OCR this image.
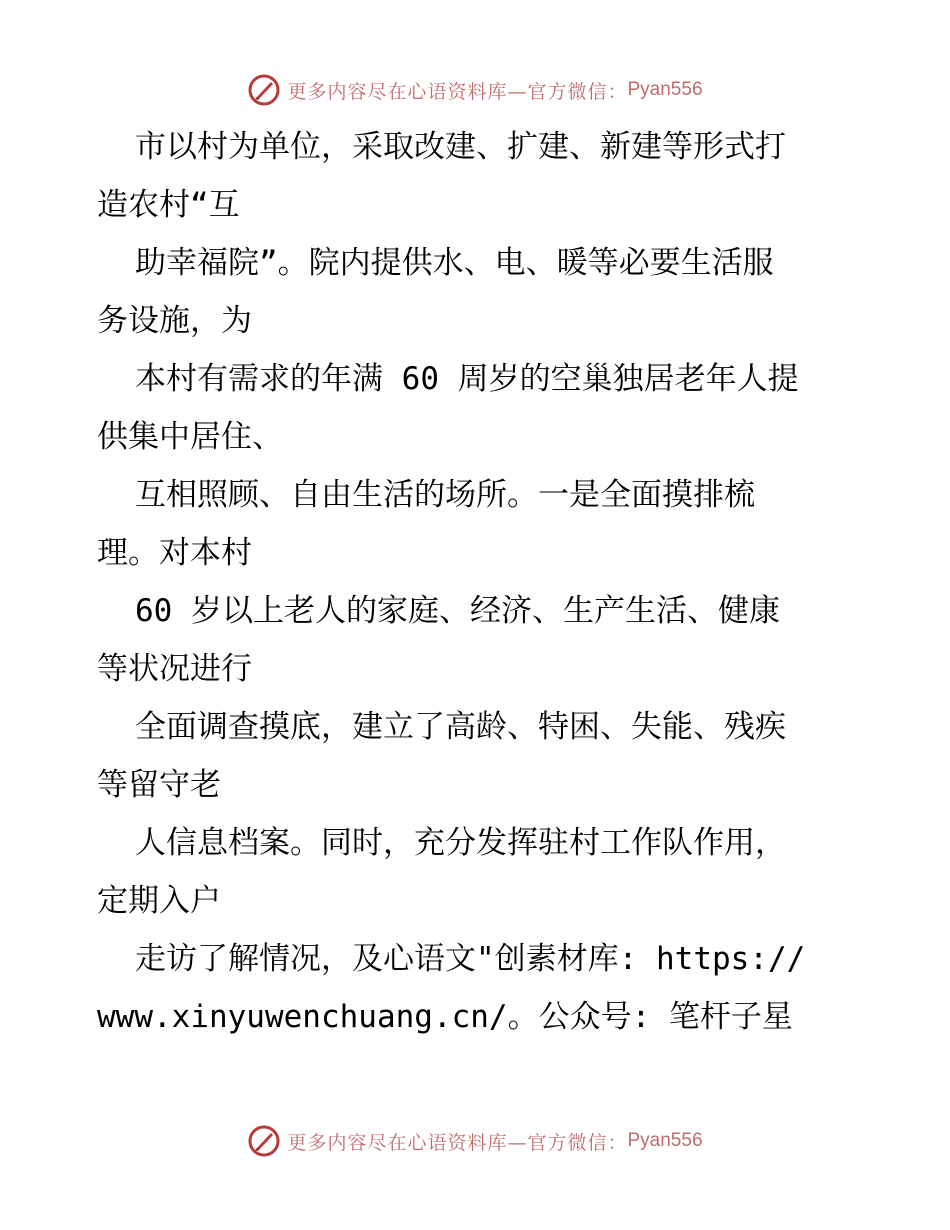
更多内容尽在心语资料库—官方微信： Pyan556
市以村为单位，采取改建、扩建、新建等形式打
造农村“互
助幸福院”。院内提供水、电、暖等必要生活服
务设施，为
本村有需求的年满 60 周岁的空巢独居老年人提
供集中居住、
互相照顾、自由生活的场所。一是全面摸排梳
理。对本村
60 岁以上老人的家庭、经济、生产生活、健康
等状况进行
全面调查摸底，建立了高龄、特困、失能、残疾
等留守老
人信息档案。同时，充分发挥驻村工作队作用，
定期入户
走访了解情况，及心语文"创素材库: https://
www.xinyuwenchuang.cn/。公众号: 笔杆子星
更多内容尽在心语资料库—官方微信： Pyan556
